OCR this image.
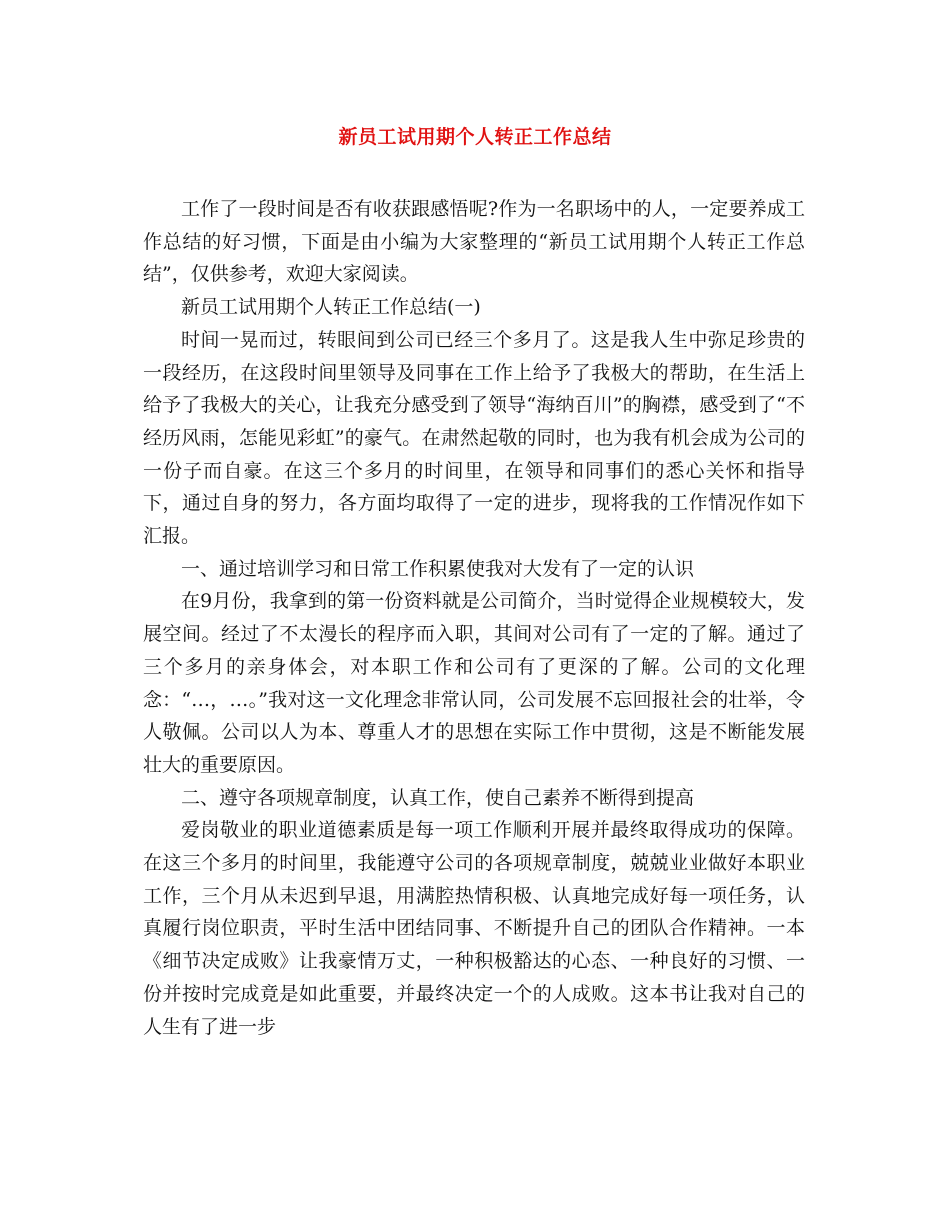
新员工试用期个人转正工作总结

工作了一段时间是否有收获跟感悟呢?作为一名职场中的人，一定要养成工作总结的好习惯，下面是由小编为大家整理的“新员工试用期个人转正工作总结”，仅供参考，欢迎大家阅读。

新员工试用期个人转正工作总结(一)

时间一晃而过，转眼间到公司已经三个多月了。这是我人生中弥足珍贵的一段经历，在这段时间里领导及同事在工作上给予了我极大的帮助，在生活上给予了我极大的关心，让我充分感受到了领导“海纳百川”的胸襟，感受到了“不经历风雨，怎能见彩虹”的豪气。在肃然起敬的同时，也为我有机会成为公司的一份子而自豪。在这三个多月的时间里，在领导和同事们的悉心关怀和指导下，通过自身的努力，各方面均取得了一定的进步，现将我的工作情况作如下汇报。

一、通过培训学习和日常工作积累使我对大发有了一定的认识

在9月份，我拿到的第一份资料就是公司简介，当时觉得企业规模较大，发展空间。经过了不太漫长的程序而入职，其间对公司有了一定的了解。通过了三个多月的亲身体会，对本职工作和公司有了更深的了解。公司的文化理念：“…，…。”我对这一文化理念非常认同，公司发展不忘回报社会的壮举，令人敬佩。公司以人为本、尊重人才的思想在实际工作中贯彻，这是不断能发展壮大的重要原因。

二、遵守各项规章制度，认真工作，使自己素养不断得到提高

爱岗敬业的职业道德素质是每一项工作顺利开展并最终取得成功的保障。在这三个多月的时间里，我能遵守公司的各项规章制度，兢兢业业做好本职业工作，三个月从未迟到早退，用满腔热情积极、认真地完成好每一项任务，认真履行岗位职责，平时生活中团结同事、不断提升自己的团队合作精神。一本《细节决定成败》让我豪情万丈，一种积极豁达的心态、一种良好的习惯、一份并按时完成竟是如此重要，并最终决定一个的人成败。这本书让我对自己的人生有了进一步
